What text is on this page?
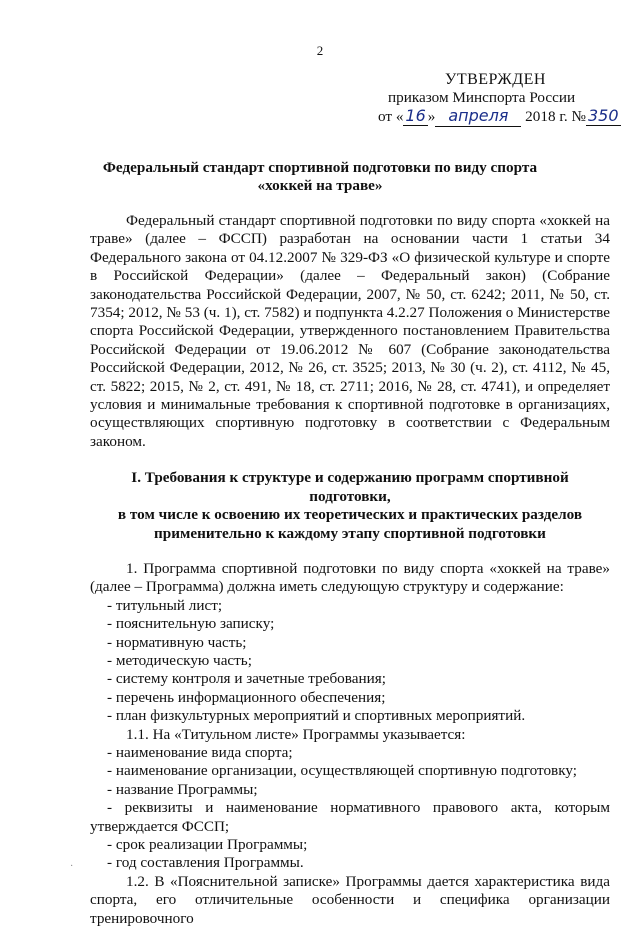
2
УТВЕРЖДЕН
приказом Минспорта России
от « 16 » апреля 2018 г. № 350
Федеральный стандарт спортивной подготовки по виду спорта
«хоккей на траве»

Федеральный стандарт спортивной подготовки по виду спорта «хоккей на траве» (далее – ФССП) разработан на основании части 1 статьи 34 Федерального закона от 04.12.2007 № 329-ФЗ «О физической культуре и спорте в Российской Федерации» (далее – Федеральный закон) (Собрание законодательства Российской Федерации, 2007, № 50, ст. 6242; 2011, № 50, ст. 7354; 2012, № 53 (ч. 1), ст. 7582) и подпункта 4.2.27 Положения о Министерстве спорта Российской Федерации, утвержденного постановлением Правительства Российской Федерации от 19.06.2012 № 607 (Собрание законодательства Российской Федерации, 2012, № 26, ст. 3525; 2013, № 30 (ч. 2), ст. 4112, № 45, ст. 5822; 2015, № 2, ст. 491, № 18, ст. 2711; 2016, № 28, ст. 4741), и определяет условия и минимальные требования к спортивной подготовке в организациях, осуществляющих спортивную подготовку в соответствии с Федеральным законом.

I. Требования к структуре и содержанию программ спортивной подготовки,
в том числе к освоению их теоретических и практических разделов
применительно к каждому этапу спортивной подготовки

1. Программа спортивной подготовки по виду спорта «хоккей на траве» (далее – Программа) должна иметь следующую структуру и содержание:

- титульный лист;
- пояснительную записку;
- нормативную часть;
- методическую часть;
- систему контроля и зачетные требования;
- перечень информационного обеспечения;
- план физкультурных мероприятий и спортивных мероприятий.

1.1. На «Титульном листе» Программы указывается:

- наименование вида спорта;
- наименование организации, осуществляющей спортивную подготовку;
- название Программы;

- реквизиты и наименование нормативного правового акта, которым утверждается ФССП;

- срок реализации Программы;
- год составления Программы.

1.2. В «Пояснительной записке» Программы дается характеристика вида спорта, его отличительные особенности и специфика организации тренировочного

·
